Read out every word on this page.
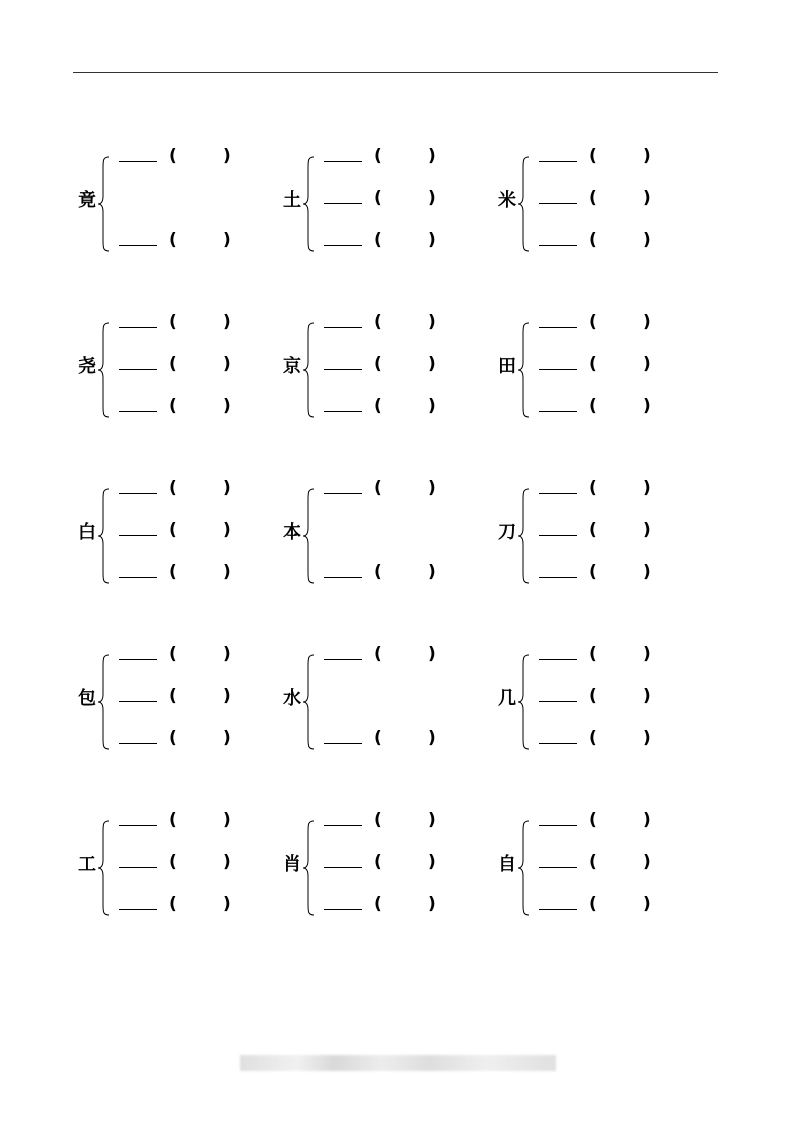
竟
(	)
(	)
土
(	)
(	)
(	)
米
(	)
(	)
(	)
尧
(	)
(	)
(	)
京
(	)
(	)
(	)
田
(	)
(	)
(	)
白
(	)
(	)
(	)
本
(	)
(	)
刀
(	)
(	)
(	)
包
(	)
(	)
(	)
水
(	)
(	)
几
(	)
(	)
(	)
工
(	)
(	)
(	)
肖
(	)
(	)
(	)
自
(	)
(	)
(	)
